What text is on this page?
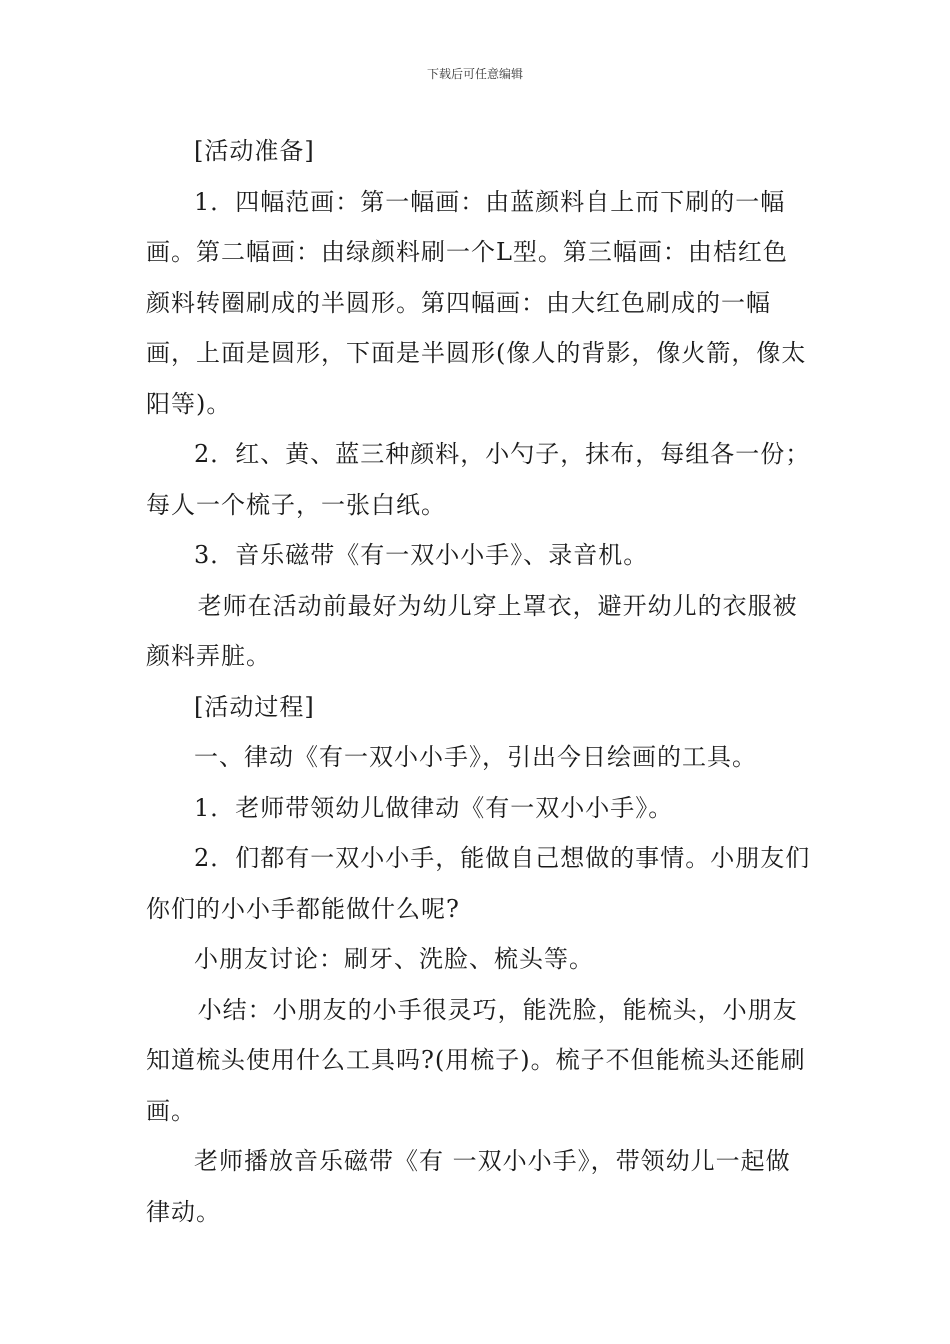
下载后可任意编辑

[活动准备]

1．四幅范画：第一幅画：由蓝颜料自上而下刷的一幅画。第二幅画：由绿颜料刷一个L型。第三幅画：由桔红色颜料转圈刷成的半圆形。第四幅画：由大红色刷成的一幅画，上面是圆形，下面是半圆形(像人的背影，像火箭，像太阳等)。

2．红、黄、蓝三种颜料，小勺子，抹布，每组各一份；每人一个梳子，一张白纸。

3．音乐磁带《有一双小小手》、录音机。

老师在活动前最好为幼儿穿上罩衣，避开幼儿的衣服被颜料弄脏。

[活动过程]

一、律动《有一双小小手》，引出今日绘画的工具。

1．老师带领幼儿做律动《有一双小小手》。

2．们都有一双小小手，能做自己想做的事情。小朋友们你们的小小手都能做什么呢?

小朋友讨论：刷牙、洗脸、梳头等。

小结：小朋友的小手很灵巧，能洗脸，能梳头，小朋友知道梳头使用什么工具吗?(用梳子)。梳子不但能梳头还能刷画。

老师播放音乐磁带《有 一双小小手》，带领幼儿一起做律动。
